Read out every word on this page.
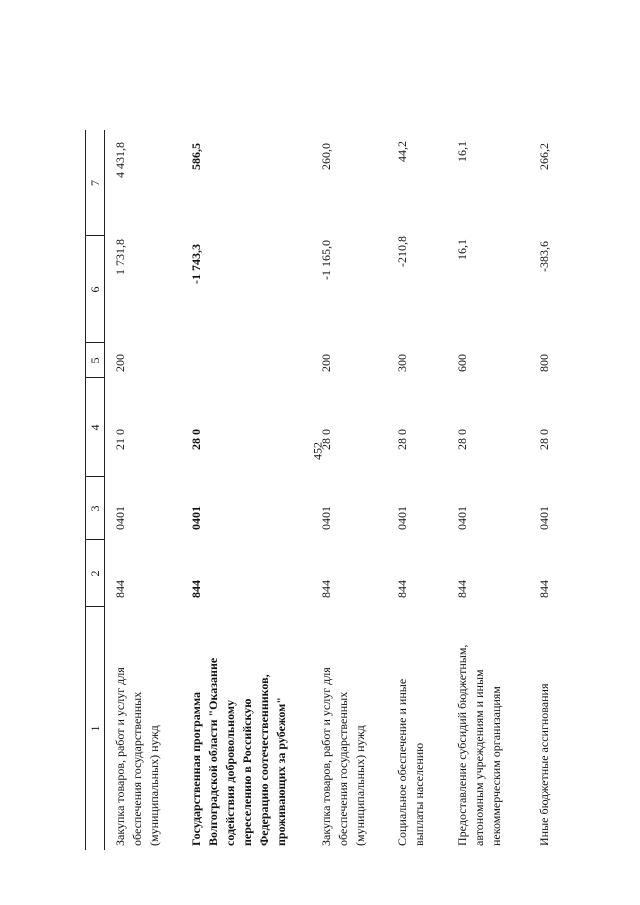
452
1
2
3
4
5
6
7
Закупка товаров, работ и услуг для обеспечения государственных (муниципальных) нужд
844
0401
21 0
200
1 731,8
4 431,8
Государственная программа Волгоградской области "Оказание содействия добровольному переселению в Российскую Федерацию соотечественников, проживающих за рубежом"
844
0401
28 0
-1 743,3
586,5
Закупка товаров, работ и услуг для обеспечения государственных (муниципальных) нужд
844
0401
28 0
200
-1 165,0
260,0
Социальное обеспечение и иные выплаты населению
844
0401
28 0
300
-210,8
44,2
Предоставление субсидий бюджетным, автономным учреждениям и иным некоммерческим организациям
844
0401
28 0
600
16,1
16,1
Иные бюджетные ассигнования
844
0401
28 0
800
-383,6
266,2
